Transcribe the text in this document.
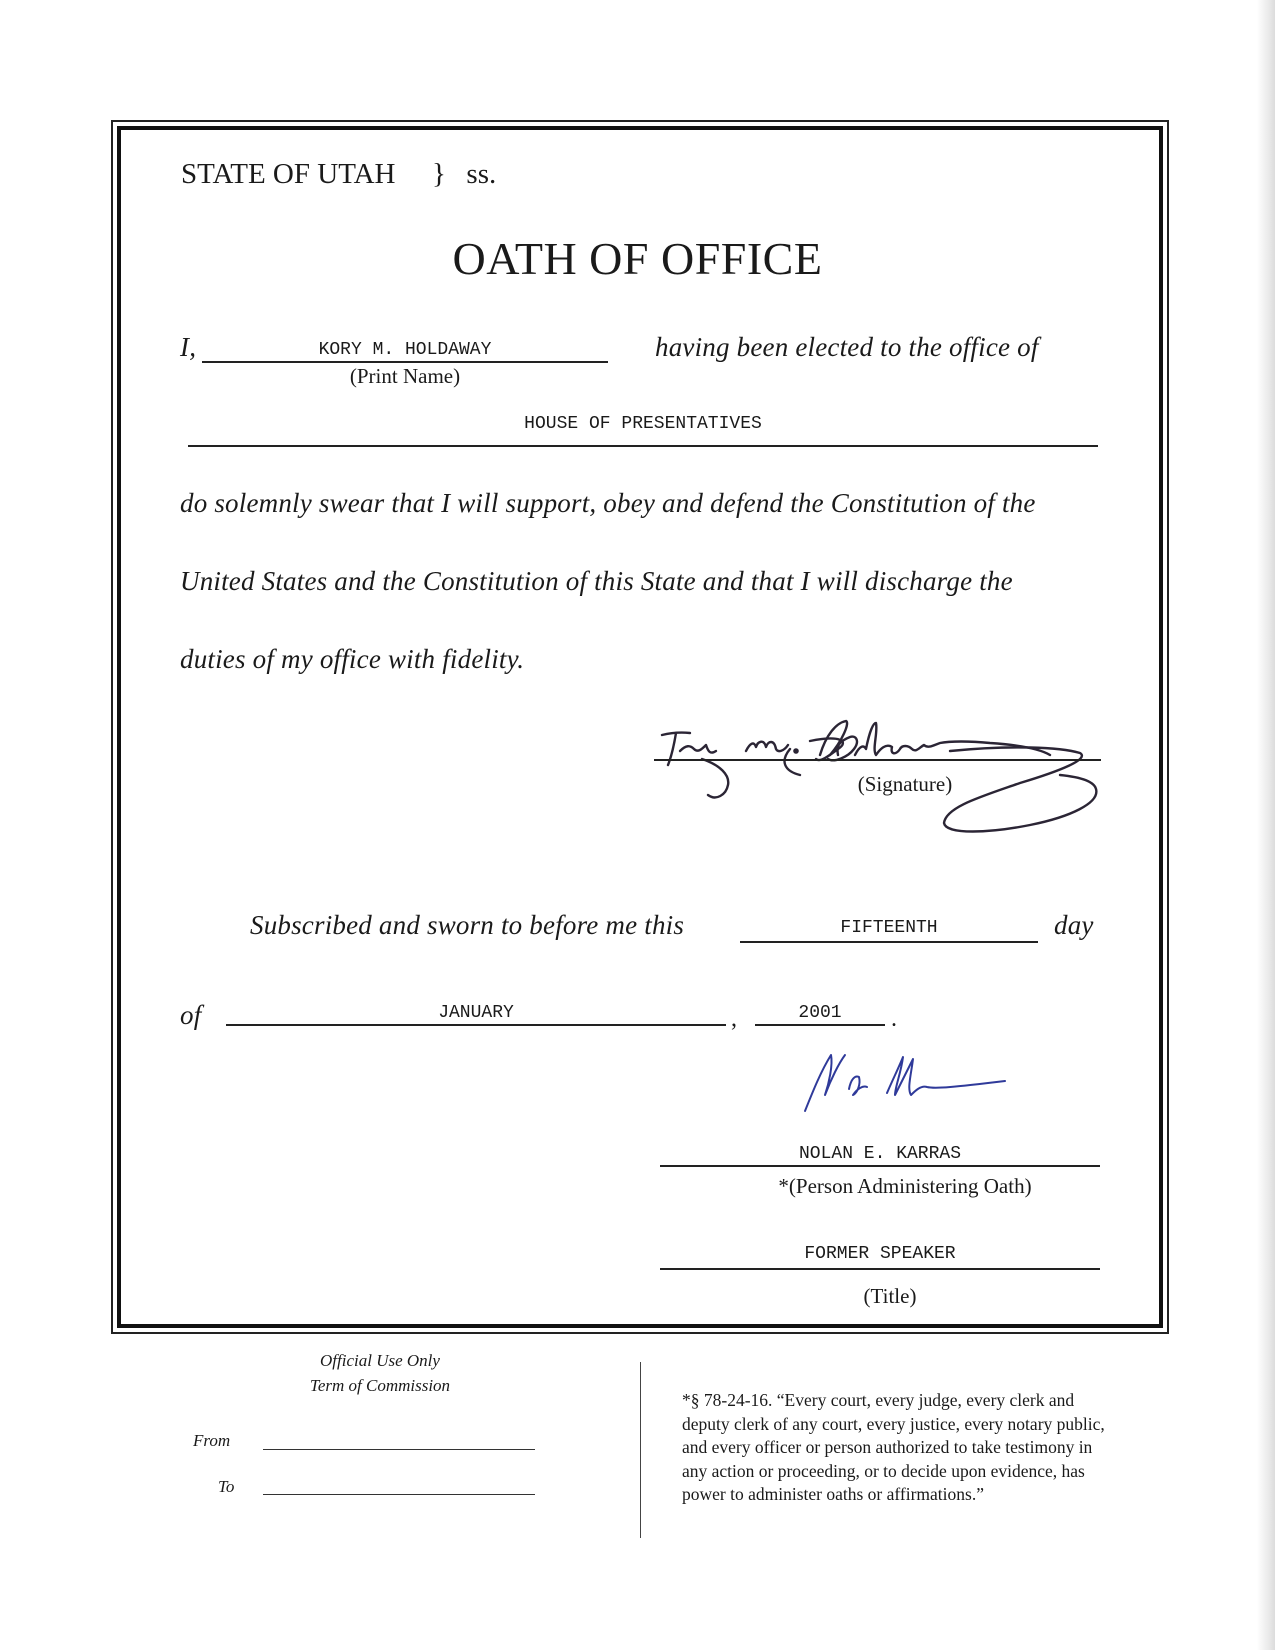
STATE OF UTAH } ss.
OATH OF OFFICE
I,	KORY M. HOLDAWAY
(Print Name)
having been elected to the office of
HOUSE OF PRESENTATIVES
do solemnly swear that I will support, obey and defend the Constitution of the
United States and the Constitution of this State and that I will discharge the
duties of my office with fidelity.
(Signature)
Subscribed and sworn to before me this	FIFTEENTH	day
of	JANUARY	,	2001	.
NOLAN E. KARRAS
*(Person Administering Oath)
FORMER SPEAKER
(Title)
Official Use Only
Term of Commission
From
To
*§ 78-24-16. “Every court, every judge, every clerk and
deputy clerk of any court, every justice, every notary public,
and every officer or person authorized to take testimony in
any action or proceeding, or to decide upon evidence, has
power to administer oaths or affirmations.”
